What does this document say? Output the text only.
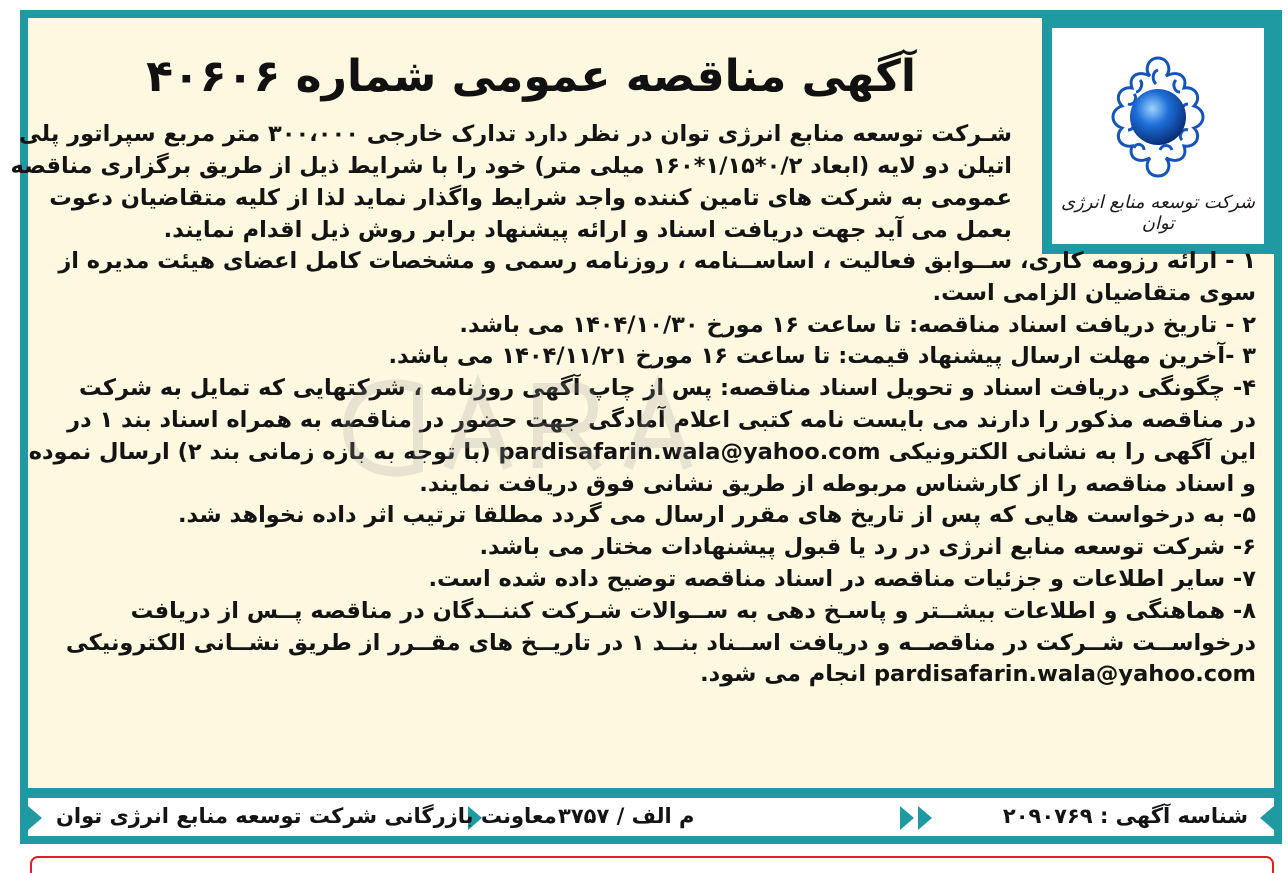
شرکت توسعه منابع انرژی توان
آگهی مناقصه عمومی شماره ۴۰۶۰۶
شـرکت توسعه منابع انرژی توان در نظر دارد تدارک خارجی ۳۰۰،۰۰۰ متر مربع سپراتور پلی
اتیلن دو لایه (ابعاد ۰/۲*۱/۱۵*۱۶۰ میلی متر) خود را با شرایط ذیل از طریق برگزاری مناقصه
عمومی به شرکت های تامین کننده واجد شرایط واگذار نماید لذا از کلیه متقاضیان دعوت
بعمل می آید جهت دریافت اسناد و ارائه پیشنهاد برابر روش ذیل اقدام نمایند.
۱ - ارائه رزومه کاری، ســوابق فعالیت ، اساســنامه ، روزنامه رسمی و مشخصات کامل اعضای هیئت مدیره از
سوی متقاضیان الزامی است.
۲ - تاریخ دریافت اسناد مناقصه: تا ساعت ۱۶ مورخ ۱۴۰۴/۱۰/۳۰ می باشد.
۳ -آخرین مهلت ارسال پیشنهاد قیمت: تا ساعت ۱۶ مورخ ۱۴۰۴/۱۱/۲۱ می باشد.
۴- چگونگی دریافت اسناد و تحویل اسناد مناقصه: پس از چاپ آگهی روزنامه ، شرکتهایی که تمایل به شرکت
در مناقصه مذکور را دارند می بایست نامه کتبی اعلام آمادگی جهت حضور در مناقصه به همراه اسناد بند ۱ در
این آگهی را به نشانی الکترونیکی pardisafarin.wala@yahoo.com (با توجه به بازه زمانی بند ۲) ارسال نموده
و اسناد مناقصه را از کارشناس مربوطه از طریق نشانی فوق دریافت نمایند.
۵- به درخواست هایی که پس از تاریخ های مقرر ارسال می گردد مطلقا ترتیب اثر داده نخواهد شد.
۶- شرکت توسعه منابع انرژی در رد یا قبول پیشنهادات مختار می باشد.
۷- سایر اطلاعات و جزئیات مناقصه در اسناد مناقصه توضیح داده شده است.
۸- هماهنگی و اطلاعات بیشــتر و پاسـخ دهی به ســوالات شـرکت کننــدگان در مناقصه پــس از دریافت
درخواســت شــرکت در مناقصــه و دریافت اســناد بنــد ۱ در تاریــخ های مقــرر از طریق نشــانی الکترونیکی
pardisafarin.wala@yahoo.com انجام می شود.
شناسه آگهی : ۲۰۹۰۷۶۹
م الف / ۳۷۵۷
معاونت بازرگانی شرکت توسعه منابع انرژی توان
